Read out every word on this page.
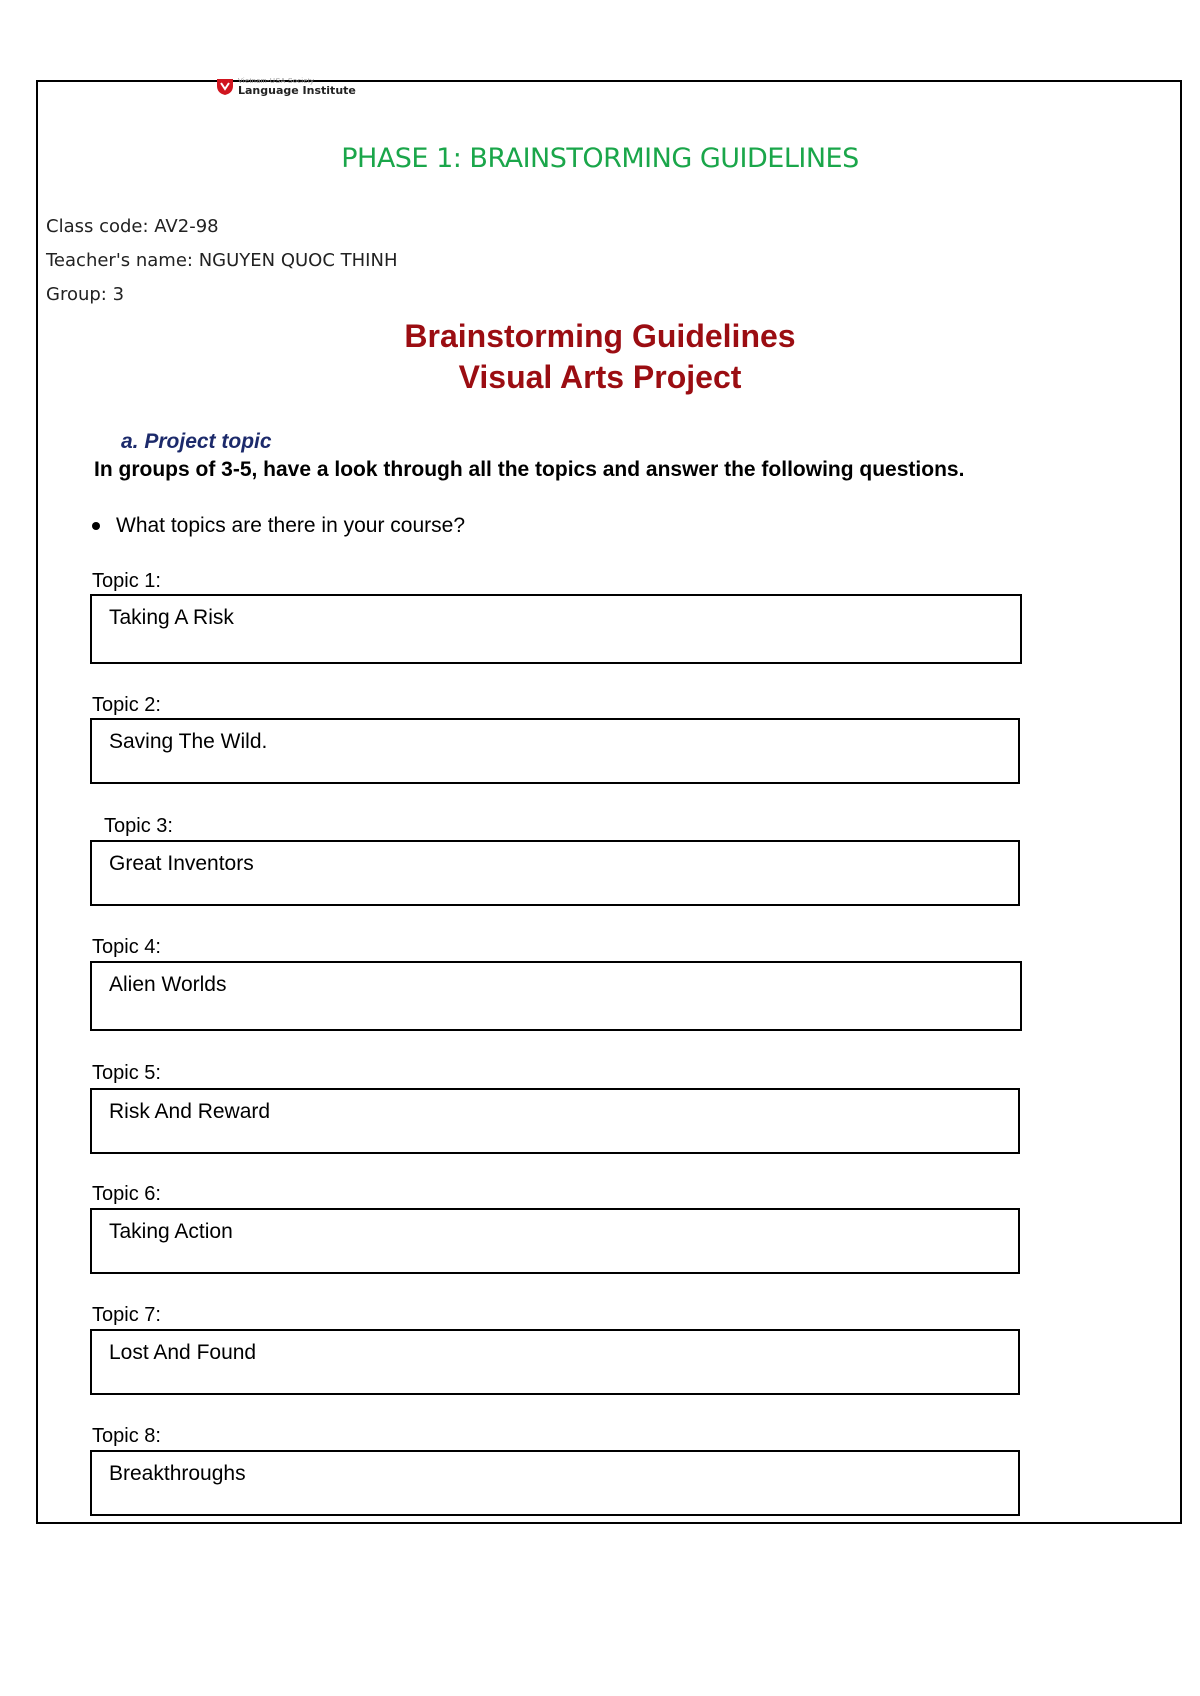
Vietnam-USA Society
Language Institute
PHASE 1: BRAINSTORMING GUIDELINES
Class code: AV2-98
Teacher's name: NGUYEN QUOC THINH
Group: 3
Brainstorming Guidelines
Visual Arts Project
a. Project topic
In groups of 3-5, have a look through all the topics and answer the following questions.
What topics are there in your course?
Topic 1:
Taking A Risk
Topic 2:
Saving The Wild.
Topic 3:
Great Inventors
Topic 4:
Alien Worlds
Topic 5:
Risk And Reward
Topic 6:
Taking Action
Topic 7:
Lost And Found
Topic 8:
Breakthroughs
